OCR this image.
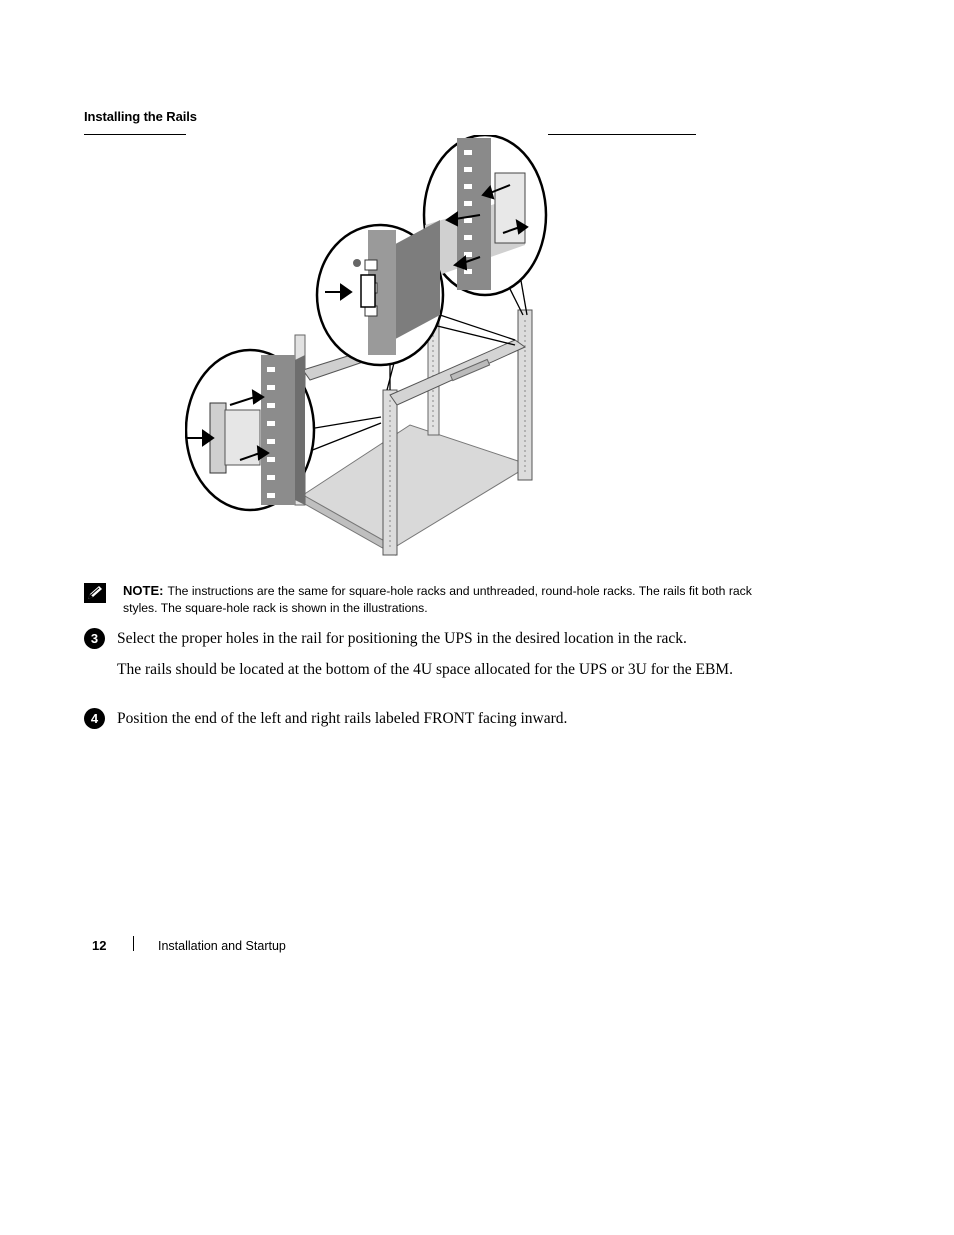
Installing the Rails
NOTE: The instructions are the same for square-hole racks and unthreaded, round-hole racks. The rails fit both rack styles. The square-hole rack is shown in the illustrations.
3	Select the proper holes in the rail for positioning the UPS in the desired location in the rack.
The rails should be located at the bottom of the 4U space allocated for the UPS or 3U for the EBM.
4	Position the end of the left and right rails labeled FRONT facing inward.
12	Installation and Startup
